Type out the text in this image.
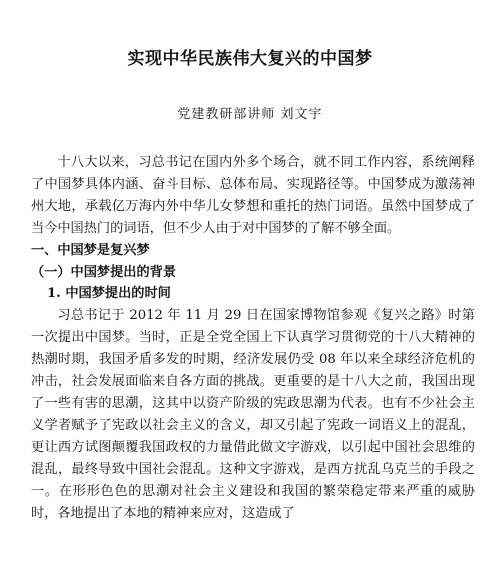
实现中华民族伟大复兴的中国梦
党建教研部讲师 刘文宇

十八大以来，习总书记在国内外多个场合，就不同工作内容，系统阐释了中国梦具体内涵、奋斗目标、总体布局、实现路径等。中国梦成为激荡神州大地，承载亿万海内外中华儿女梦想和重托的热门词语。虽然中国梦成了当今中国热门的词语，但不少人由于对中国梦的了解不够全面。

一、中国梦是复兴梦

（一）中国梦提出的背景

1. 中国梦提出的时间

习总书记于 2012 年 11 月 29 日在国家博物馆参观《复兴之路》时第一次提出中国梦。当时，正是全党全国上下认真学习贯彻党的十八大精神的热潮时期，我国矛盾多发的时期，经济发展仍受 08 年以来全球经济危机的冲击，社会发展面临来自各方面的挑战。更重要的是十八大之前，我国出现了一些有害的思潮，这其中以资产阶级的宪政思潮为代表。也有不少社会主义学者赋予了宪政以社会主义的含义，却又引起了宪政一词语义上的混乱，更让西方试图颠覆我国政权的力量借此做文字游戏，以引起中国社会思维的混乱，最终导致中国社会混乱。这种文字游戏，是西方扰乱乌克兰的手段之一。在形形色色的思潮对社会主义建设和我国的繁荣稳定带来严重的威胁时，各地提出了本地的精神来应对，这造成了
